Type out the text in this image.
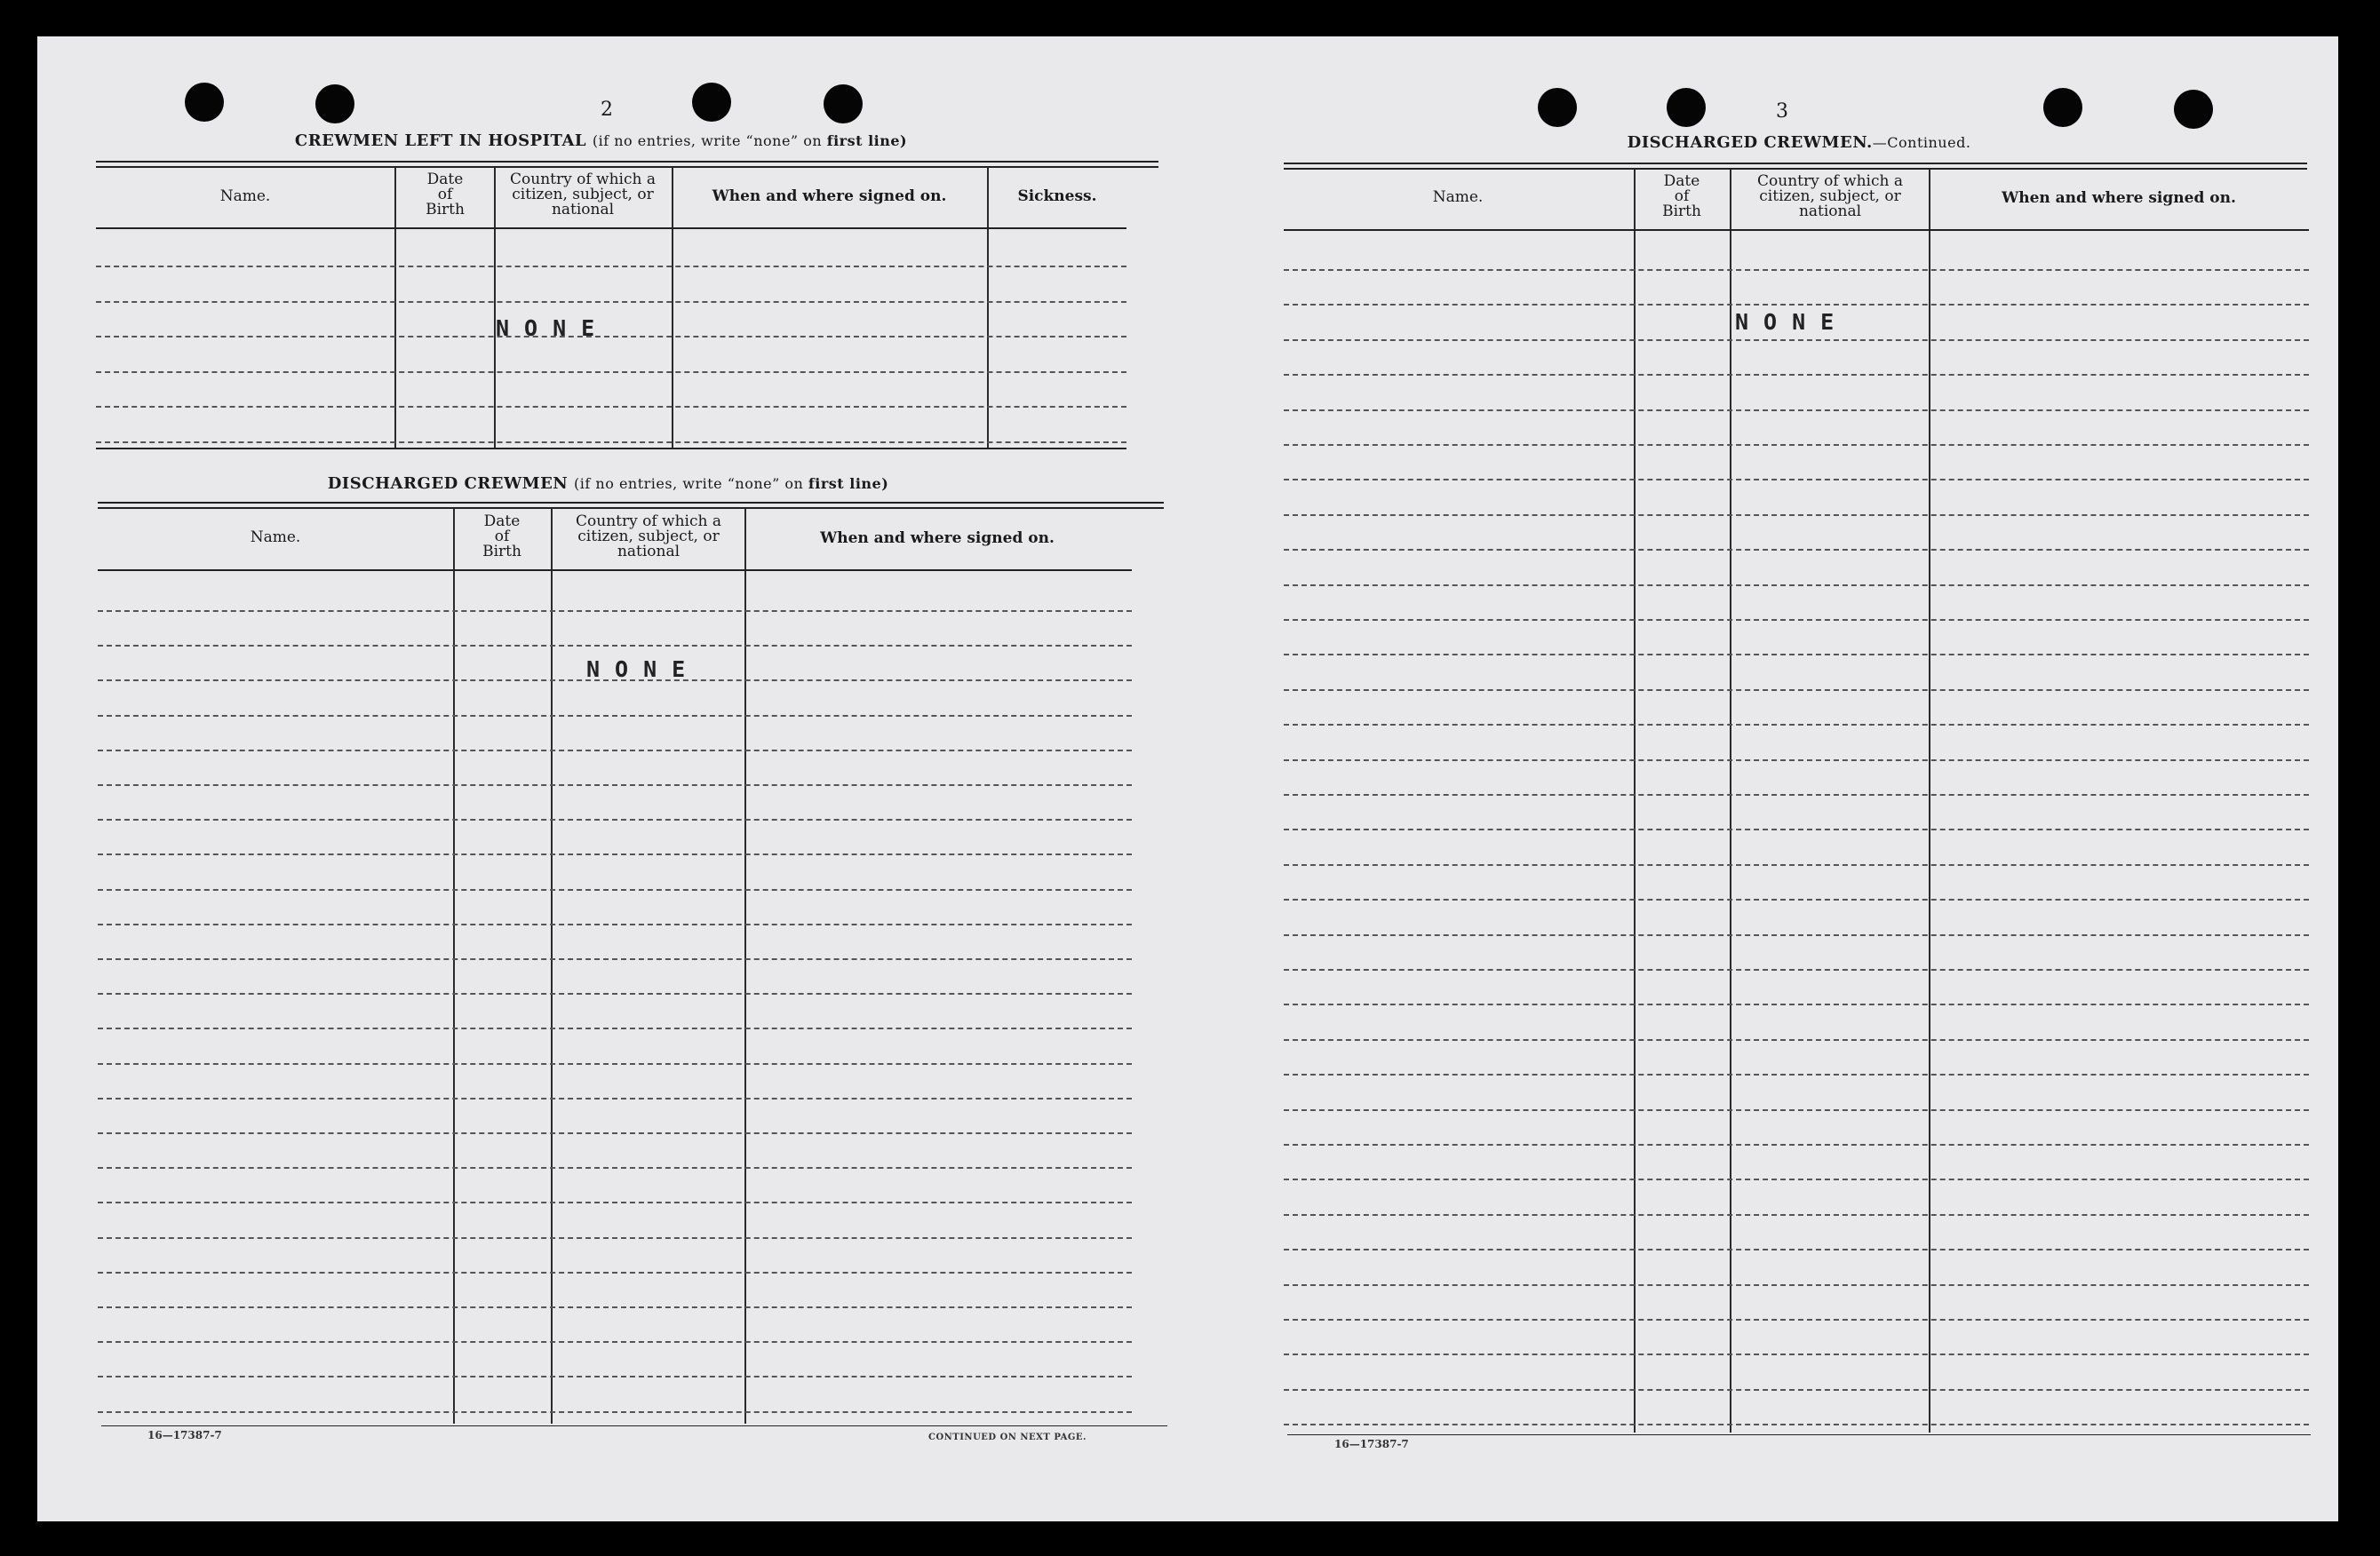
2
CREWMEN LEFT IN HOSPITAL (if no entries, write “none” on first line)
Name.
Date
of
Birth
Country of which a
citizen, subject, or
national
When and where signed on.	Sickness.
NONE
DISCHARGED CREWMEN (if no entries, write “none” on first line)
Name.
Date
of
Birth
Country of which a
citizen, subject, or
national
When and where signed on.
NONE
16—17387-7	CONTINUED ON NEXT PAGE.
3
DISCHARGED CREWMEN.—Continued.
Name.
Date
of
Birth
Country of which a
citizen, subject, or
national
When and where signed on.
NONE
16—17387-7
